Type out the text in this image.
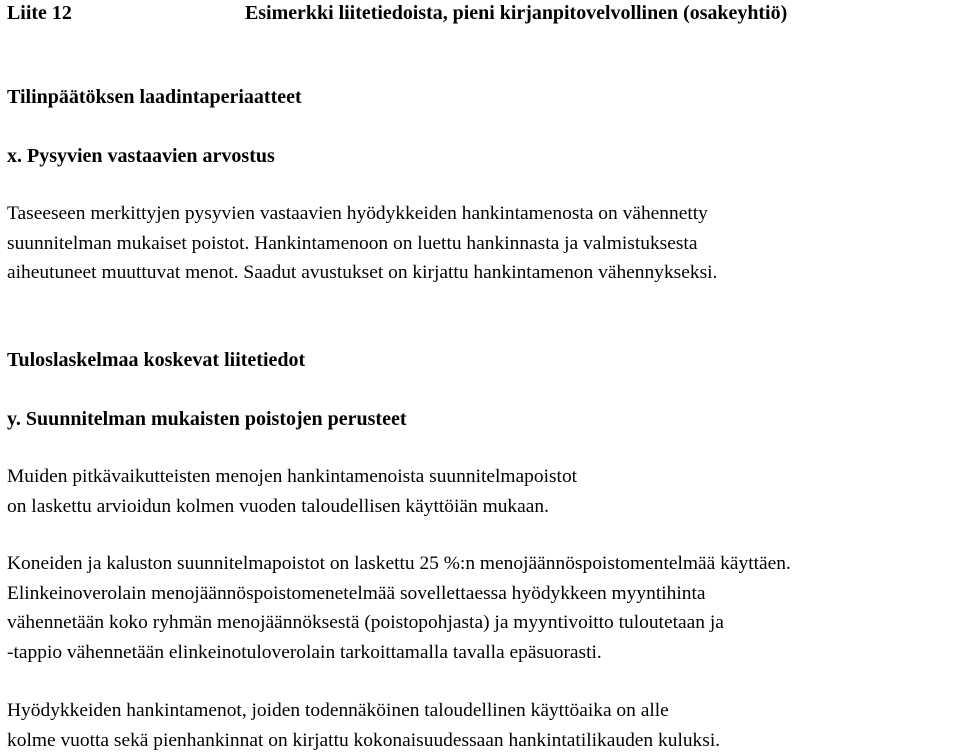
Liite 12	Esimerkki liitetiedoista, pieni kirjanpitovelvollinen (osakeyhtiö)
Tilinpäätöksen laadintaperiaatteet
x. Pysyvien vastaavien arvostus
Taseeseen merkittyjen pysyvien vastaavien hyödykkeiden hankintamenosta on vähennetty
suunnitelman mukaiset poistot. Hankintamenoon on luettu hankinnasta ja valmistuksesta
aiheutuneet muuttuvat menot. Saadut avustukset on kirjattu hankintamenon vähennykseksi.
Tuloslaskelmaa koskevat liitetiedot
y. Suunnitelman mukaisten poistojen perusteet
Muiden pitkävaikutteisten menojen hankintamenoista suunnitelmapoistot
on laskettu arvioidun kolmen vuoden taloudellisen käyttöiän mukaan.
Koneiden ja kaluston suunnitelmapoistot on laskettu 25 %:n menojäännöspoistomentelmää käyttäen.
Elinkeinoverolain menojäännöspoistomenetelmää sovellettaessa hyödykkeen myyntihinta
vähennetään koko ryhmän menojäännöksestä (poistopohjasta) ja myyntivoitto tuloutetaan ja
-tappio vähennetään elinkeinotuloverolain tarkoittamalla tavalla epäsuorasti.
Hyödykkeiden hankintamenot, joiden todennäköinen taloudellinen käyttöaika on alle
kolme vuotta sekä pienhankinnat on kirjattu kokonaisuudessaan hankintatilikauden kuluksi.
